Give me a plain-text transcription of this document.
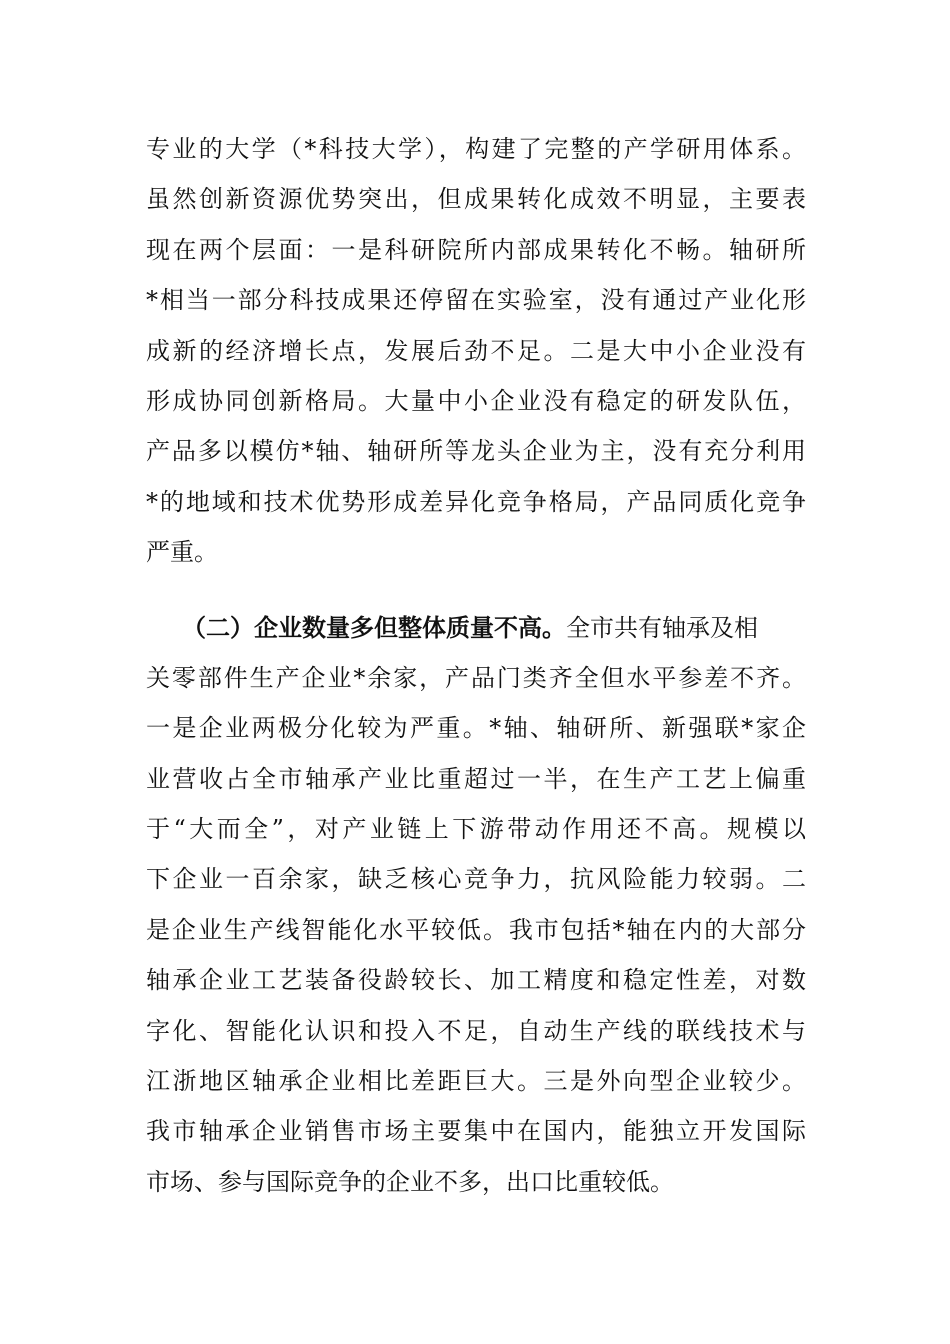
专业的大学（*科技大学），构建了完整的产学研用体系。
虽然创新资源优势突出，但成果转化成效不明显，主要表
现在两个层面：一是科研院所内部成果转化不畅。轴研所
*相当一部分科技成果还停留在实验室，没有通过产业化形
成新的经济增长点，发展后劲不足。二是大中小企业没有
形成协同创新格局。大量中小企业没有稳定的研发队伍，
产品多以模仿*轴、轴研所等龙头企业为主，没有充分利用
*的地域和技术优势形成差异化竞争格局，产品同质化竞争
严重。
（二）企业数量多但整体质量不高。全市共有轴承及相
关零部件生产企业*余家，产品门类齐全但水平参差不齐。
一是企业两极分化较为严重。*轴、轴研所、新强联*家企
业营收占全市轴承产业比重超过一半，在生产工艺上偏重
于“大而全”，对产业链上下游带动作用还不高。规模以
下企业一百余家，缺乏核心竞争力，抗风险能力较弱。二
是企业生产线智能化水平较低。我市包括*轴在内的大部分
轴承企业工艺装备役龄较长、加工精度和稳定性差，对数
字化、智能化认识和投入不足，自动生产线的联线技术与
江浙地区轴承企业相比差距巨大。三是外向型企业较少。
我市轴承企业销售市场主要集中在国内，能独立开发国际
市场、参与国际竞争的企业不多，出口比重较低。
